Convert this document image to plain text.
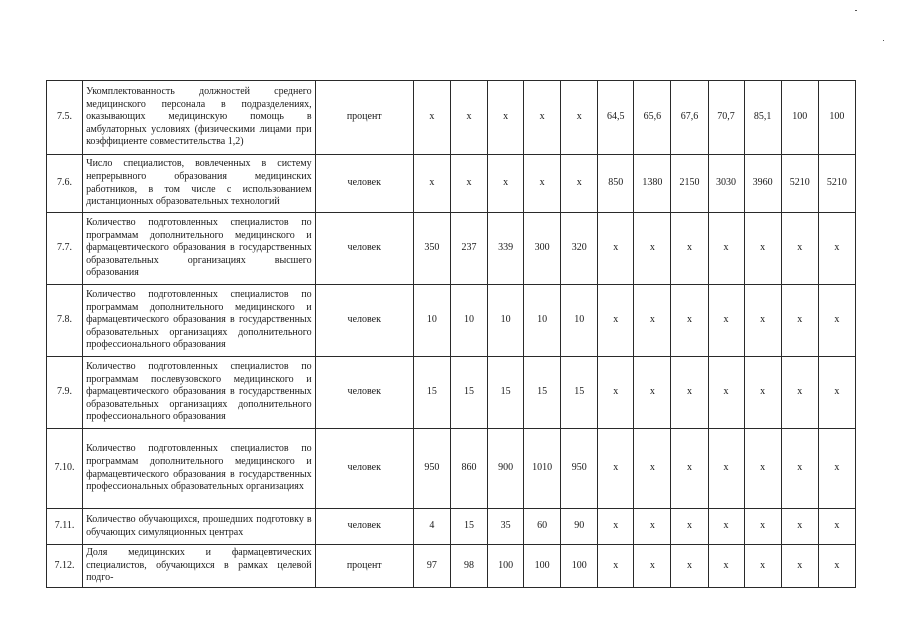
7.5.	Укомплектованность должностей среднего медицинского персонала в подразделениях, оказывающих медицинскую помощь в амбулаторных условиях (физическими лицами при коэффициенте совместительства 1,2)	процент	х	х	х	х	х	64,5	65,6	67,6	70,7	85,1	100	100
7.6.	Число специалистов, вовлеченных в систему непрерывного образования медицинских работников, в том числе с использованием дистанционных образовательных технологий	человек	х	х	х	х	х	850	1380	2150	3030	3960	5210	5210
7.7.	Количество подготовленных специалистов по программам дополнительного медицинского и фармацевтического образования в государственных образовательных организациях высшего образования	человек	350	237	339	300	320	х	х	х	х	х	х	х
7.8.	Количество подготовленных специалистов по программам дополнительного медицинского и фармацевтического образования в государственных образовательных организациях дополнительного профессионального образования	человек	10	10	10	10	10	х	х	х	х	х	х	х
7.9.	Количество подготовленных специалистов по программам послевузовского медицинского и фармацевтического образования в государственных образовательных организациях дополнительного профессионального образования	человек	15	15	15	15	15	х	х	х	х	х	х	х
7.10.	Количество подготовленных специалистов по программам дополнительного медицинского и фармацевтического образования в государственных профессиональных образовательных организациях	человек	950	860	900	1010	950	х	х	х	х	х	х	х
7.11.	Количество обучающихся, прошедших подготовку в обучающих симуляционных центрах	человек	4	15	35	60	90	х	х	х	х	х	х	х
7.12.	Доля медицинских и фармацевтических специалистов, обучающихся в рамках целевой подго-	процент	97	98	100	100	100	х	х	х	х	х	х	х
